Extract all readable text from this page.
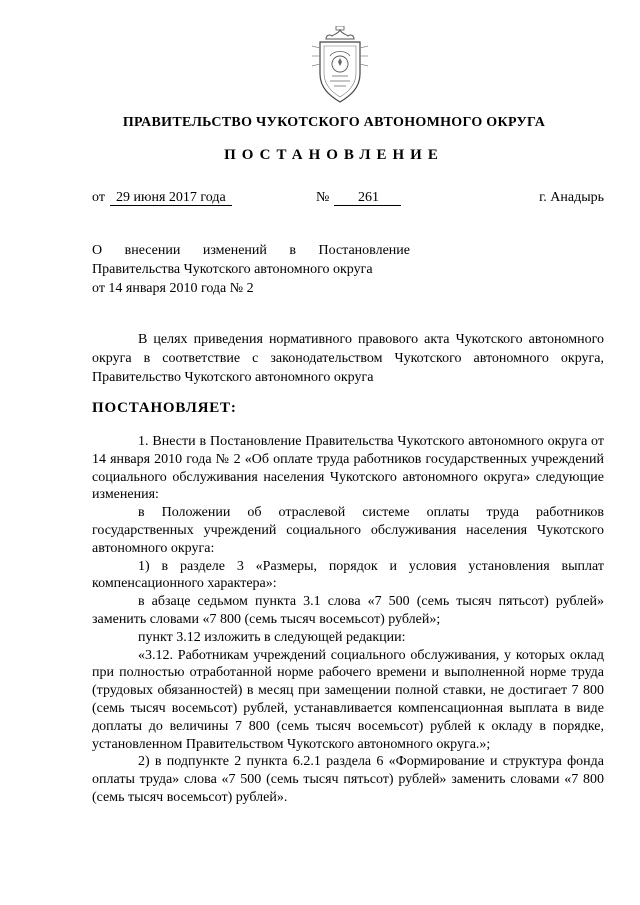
ПРАВИТЕЛЬСТВО ЧУКОТСКОГО АВТОНОМНОГО ОКРУГА
ПОСТАНОВЛЕНИЕ
от 29 июня 2017 года	№	261	г. Анадырь
О внесении изменений в Постановление
Правительства Чукотского автономного округа
от 14 января 2010 года № 2
В целях приведения нормативного правового акта Чукотского автономного округа в соответствие с законодательством Чукотского автономного округа, Правительство Чукотского автономного округа
ПОСТАНОВЛЯЕТ:

1. Внести в Постановление Правительства Чукотского автономного округа от 14 января 2010 года № 2 «Об оплате труда работников государственных учреждений социального обслуживания населения Чукотского автономного округа» следующие изменения:

в Положении об отраслевой системе оплаты труда работников государственных учреждений социального обслуживания населения Чукотского автономного округа:

1) в разделе 3 «Размеры, порядок и условия установления выплат компенсационного характера»:

в абзаце седьмом пункта 3.1 слова «7 500 (семь тысяч пятьсот) рублей» заменить словами «7 800 (семь тысяч восемьсот) рублей»;

пункт 3.12 изложить в следующей редакции:

«3.12. Работникам учреждений социального обслуживания, у которых оклад при полностью отработанной норме рабочего времени и выполненной норме труда (трудовых обязанностей) в месяц при замещении полной ставки, не достигает 7 800 (семь тысяч восемьсот) рублей, устанавливается компенсационная выплата в виде доплаты до величины 7 800 (семь тысяч восемьсот) рублей к окладу в порядке, установленном Правительством Чукотского автономного округа.»;

2) в подпункте 2 пункта 6.2.1 раздела 6 «Формирование и структура фонда оплаты труда» слова «7 500 (семь тысяч пятьсот) рублей» заменить словами «7 800 (семь тысяч восемьсот) рублей».
